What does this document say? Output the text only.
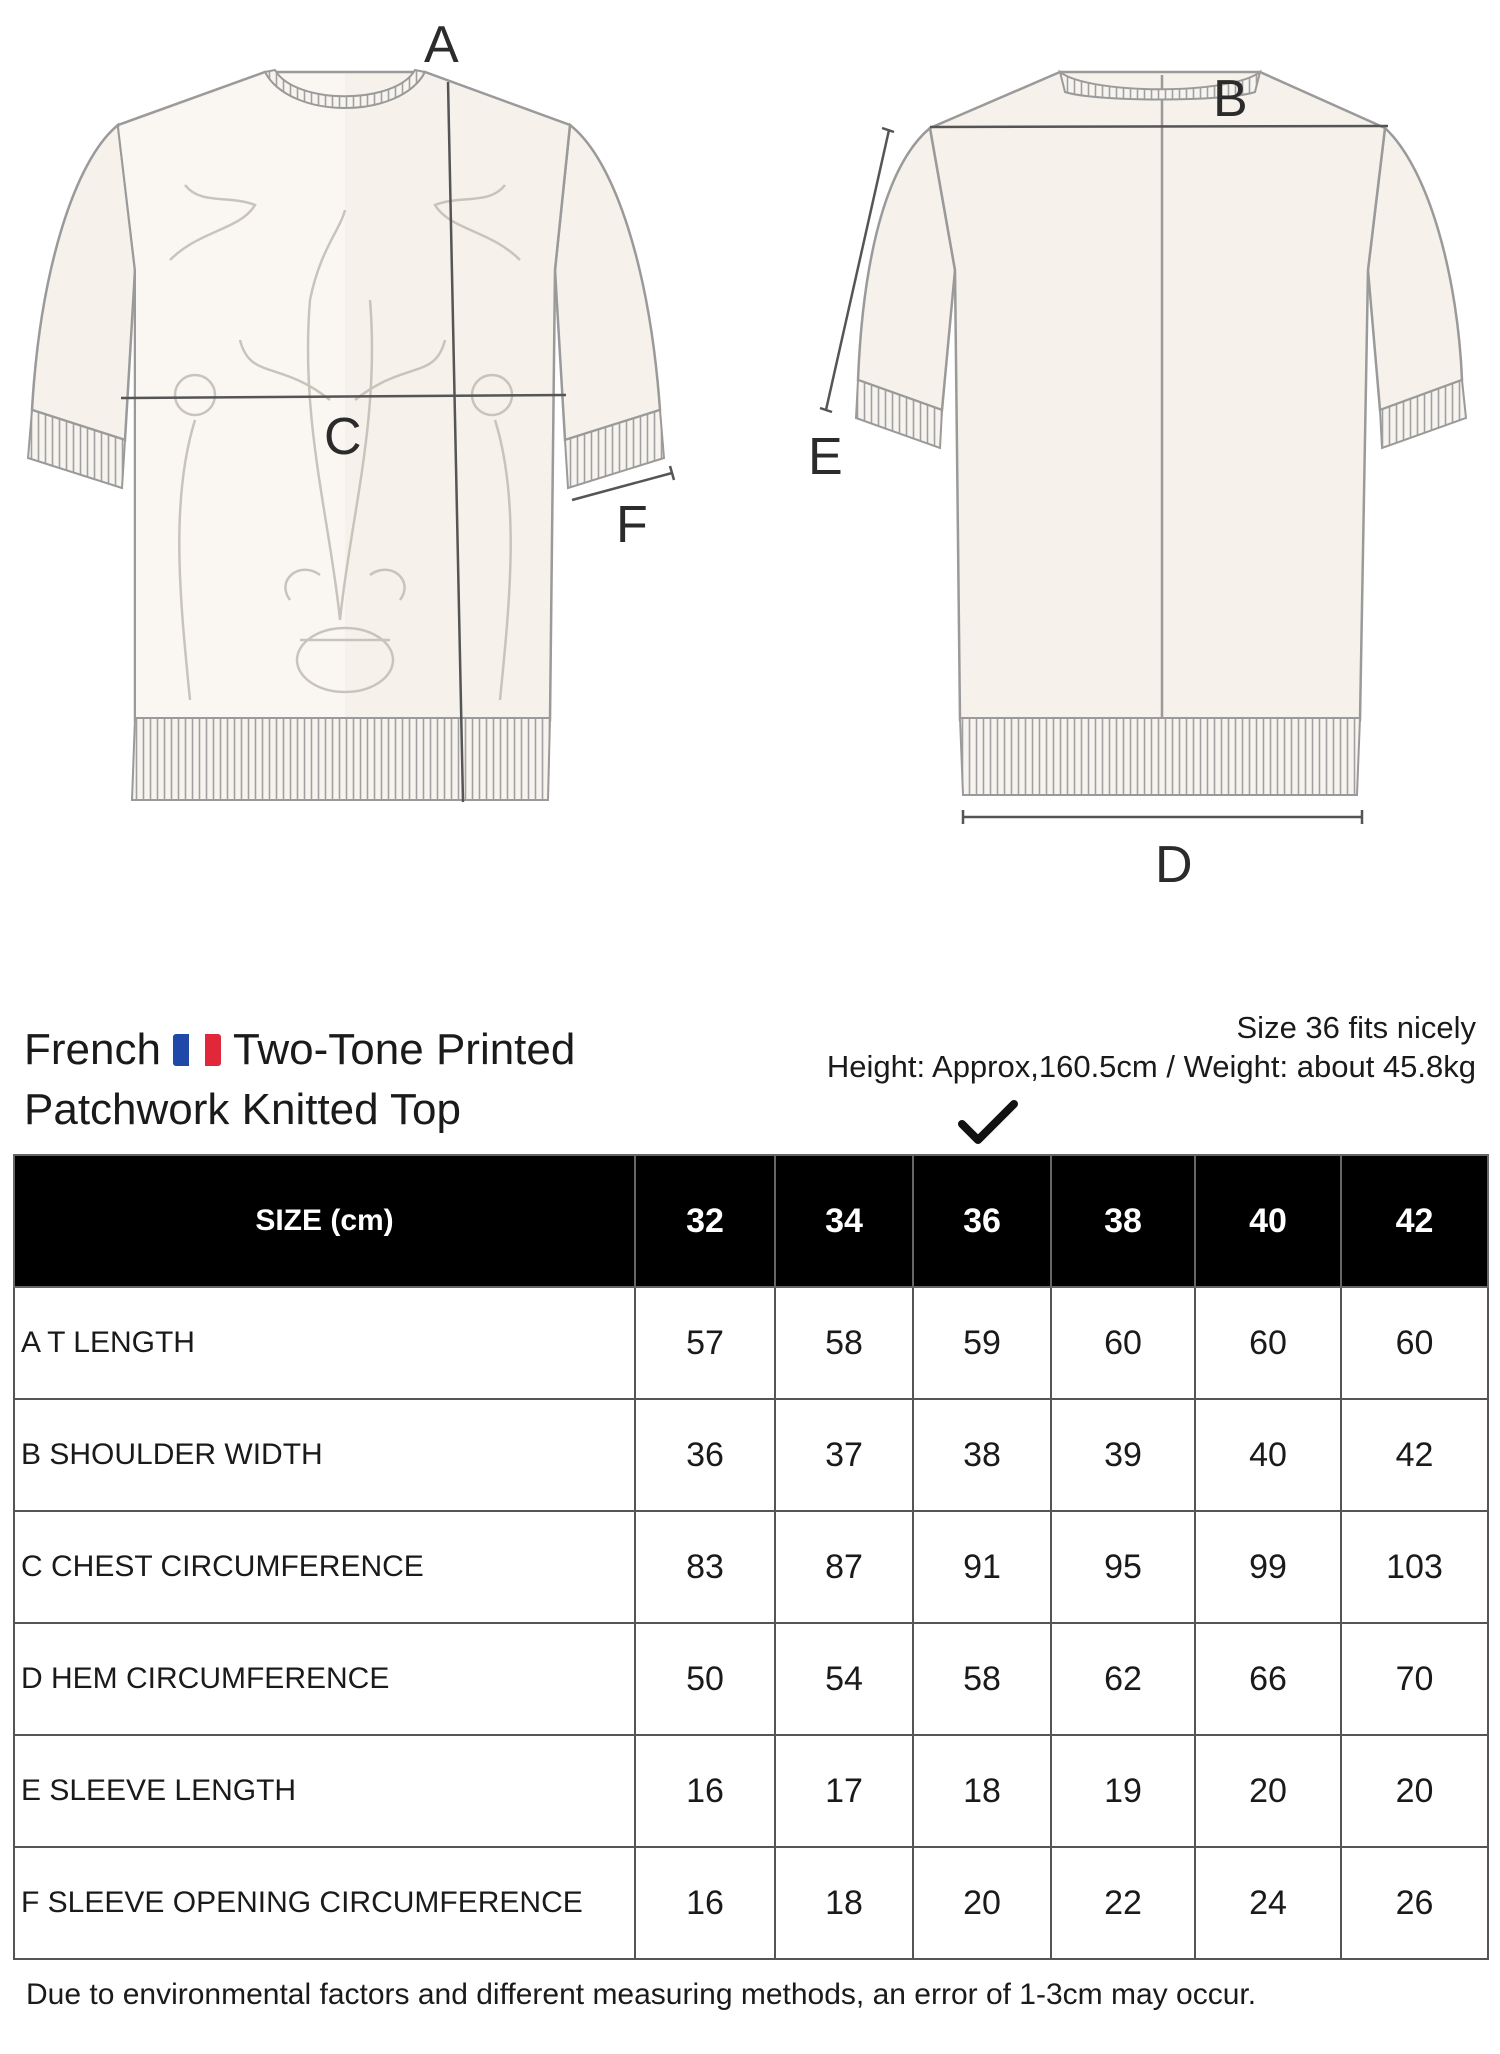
A
B
C
D
E
F
French Two-Tone Printed
Patchwork Knitted Top
Size 36 fits nicely
Height: Approx,160.5cm / Weight: about 45.8kg
SIZE (cm)	32	34	36	38	40	42
A T LENGTH	57	58	59	60	60	60
B SHOULDER WIDTH	36	37	38	39	40	42
C CHEST CIRCUMFERENCE	83	87	91	95	99	103
D HEM CIRCUMFERENCE	50	54	58	62	66	70
E SLEEVE LENGTH	16	17	18	19	20	20
F SLEEVE OPENING CIRCUMFERENCE	16	18	20	22	24	26
Due to environmental factors and different measuring methods, an error of 1-3cm may occur.
